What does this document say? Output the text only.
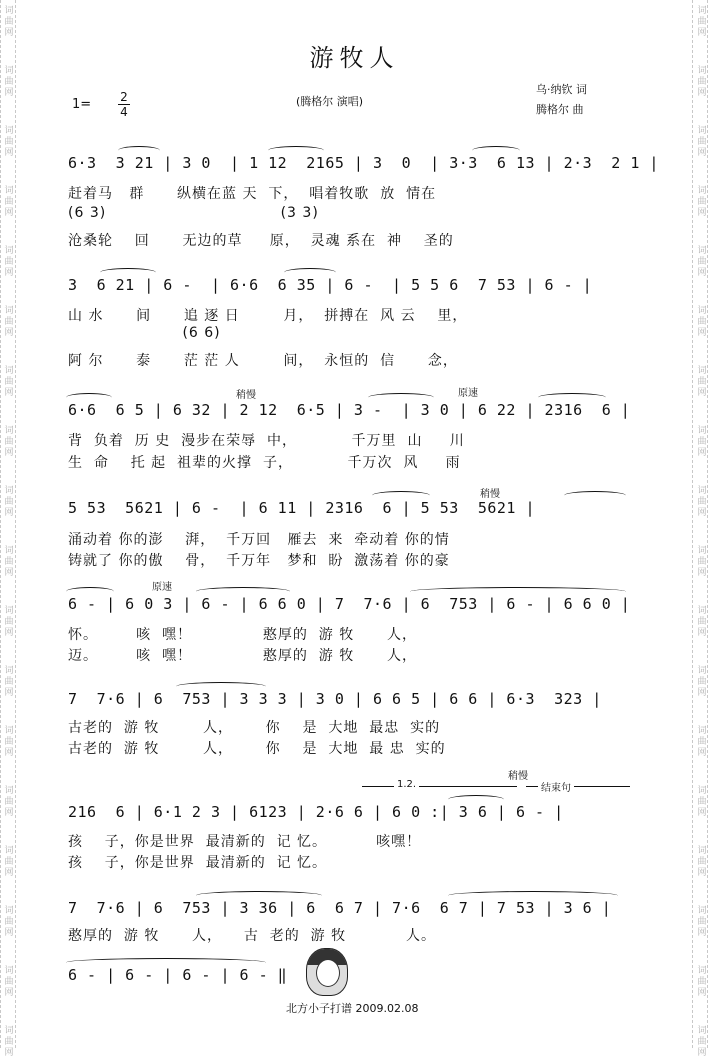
词 曲 网
词 曲 网
词 曲 网
词 曲 网
词 曲 网
词 曲 网
词 曲 网
词 曲 网
词 曲 网
词 曲 网
词 曲 网
词 曲 网
词 曲 网
词 曲 网
词 曲 网
词 曲 网
词 曲 网
词 曲 网
词 曲 网
词 曲 网
词 曲 网
词 曲 网
词 曲 网
词 曲 网
词 曲 网
词 曲 网
词 曲 网
词 曲 网
词 曲 网
词 曲 网
词 曲 网
词 曲 网
词 曲 网
词 曲 网
词 曲 网
词 曲 网
游牧人
(腾格尔 演唱)
乌·纳钦 词
腾格尔 曲
1= 2
4
6·3  3 21 | 3 0  | 1 12  2165 | 3  0  | 3·3  6 13 | 2·3  2 1 |
赶着马   群      纵横在蓝 天  下，  唱着牧歌  放  情在
(6 3)                                (3 3)
沧桑轮    回      无边的草     原，  灵魂 系在  神    圣的
3  6 21 | 6 -  | 6·6  6 35 | 6 -  | 5 5 6  7 53 | 6 - |
山 水      间      追 逐 日        月，  拼搏在  风 云    里，
(6 6)
阿 尔      泰      茫 茫 人        间，  永恒的  信      念，
稍慢	原速
6·6  6 5 | 6 32 | 2 12  6·5 | 3 -  | 3 0 | 6 22 | 2316  6 |
背  负着  历 史  漫步在荣辱  中，          千万里  山     川
生  命    托 起  祖辈的火撑  子，          千万次  风     雨
稍慢
5 53  5621 | 6 -  | 6 11 | 2316  6 | 5 53  5621 |
涌动着 你的澎    湃，  千万回   雁去  来  牵动着 你的情
铸就了 你的傲    骨，  千万年   梦和  盼  激荡着 你的豪
原速
6 - | 6 0 3 | 6 - | 6 6 0 | 7  7·6 | 6  753 | 6 - | 6 6 0 |
怀。       咳  嘿！             憨厚的  游 牧      人，
迈。       咳  嘿！             憨厚的  游 牧      人，
7  7·6 | 6  753 | 3 3 3 | 3 0 | 6 6 5 | 6 6 | 6·3  323 |
古老的  游 牧        人，      你    是  大地  最忠  实的
古老的  游 牧        人，      你    是  大地  最 忠  实的
1.2.
稍慢
结束句
216  6 | 6·1 2 3 | 6123 | 2·6 6 | 6 0 :| 3 6 | 6 - |
孩    子，你是世界  最清新的  记 忆。         咳嘿！
孩    子，你是世界  最清新的  记 忆。
7  7·6 | 6  753 | 3 36 | 6  6 7 | 7·6  6 7 | 7 53 | 3 6 |
憨厚的  游 牧      人，    古  老的  游 牧           人。
6 - | 6 - | 6 - | 6 - ‖
北方小子打谱 2009.02.08
